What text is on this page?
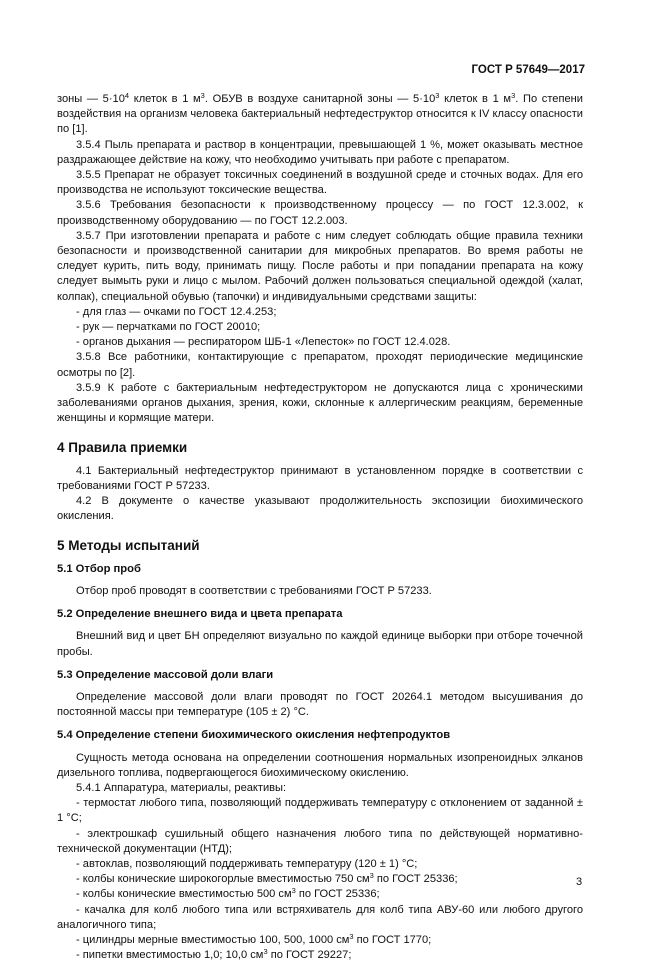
ГОСТ Р 57649—2017

зоны — $5\cdot 10^4$ клеток в 1 $м^3$. ОБУВ в воздухе санитарной зоны — $5\cdot 10^3$ клеток в 1 $м^3$. По степени воздействия на организм человека бактериальный нефтедеструктор относится к IV классу опасности по [1].

3.5.4 Пыль препарата и раствор в концентрации, превышающей 1 %, может оказывать местное раздражающее действие на кожу, что необходимо учитывать при работе с препаратом.

3.5.5 Препарат не образует токсичных соединений в воздушной среде и сточных водах. Для его производства не используют токсические вещества.

3.5.6 Требования безопасности к производственному процессу — по ГОСТ 12.3.002, к производственному оборудованию — по ГОСТ 12.2.003.

3.5.7 При изготовлении препарата и работе с ним следует соблюдать общие правила техники безопасности и производственной санитарии для микробных препаратов. Во время работы не следует курить, пить воду, принимать пищу. После работы и при попадании препарата на кожу следует вымыть руки и лицо с мылом. Рабочий должен пользоваться специальной одеждой (халат, колпак), специальной обувью (тапочки) и индивидуальными средствами защиты:

- для глаз — очками по ГОСТ 12.4.253;

- рук — перчатками по ГОСТ 20010;

- органов дыхания — респиратором ШБ-1 «Лепесток» по ГОСТ 12.4.028.

3.5.8 Все работники, контактирующие с препаратом, проходят периодические медицинские осмотры по [2].

3.5.9 К работе с бактериальным нефтедеструктором не допускаются лица с хроническими заболеваниями органов дыхания, зрения, кожи, склонные к аллергическим реакциям, беременные женщины и кормящие матери.

4 Правила приемки

4.1 Бактериальный нефтедеструктор принимают в установленном порядке в соответствии с требованиями ГОСТ Р 57233.

4.2 В документе о качестве указывают продолжительность экспозиции биохимического окисления.

5 Методы испытаний
5.1 Отбор проб

Отбор проб проводят в соответствии с требованиями ГОСТ Р 57233.

5.2 Определение внешнего вида и цвета препарата

Внешний вид и цвет БН определяют визуально по каждой единице выборки при отборе точечной пробы.

5.3 Определение массовой доли влаги

Определение массовой доли влаги проводят по ГОСТ 20264.1 методом высушивания до постоянной массы при температуре (105 ± 2) °С.

5.4 Определение степени биохимического окисления нефтепродуктов

Сущность метода основана на определении соотношения нормальных изопреноидных элканов дизельного топлива, подвергающегося биохимическому окислению.

5.4.1 Аппаратура, материалы, реактивы:

- термостат любого типа, позволяющий поддерживать температуру с отклонением от заданной ± 1 °С;

- электрошкаф сушильный общего назначения любого типа по действующей нормативно-технической документации (НТД);

- автоклав, позволяющий поддерживать температуру (120 ± 1) °С;

- колбы конические широкогорлые вместимостью 750 $см^3$ по ГОСТ 25336;

- колбы конические вместимостью 500 $см^3$ по ГОСТ 25336;

- качалка для колб любого типа или встряхиватель для колб типа АВУ-60 или любого другого аналогичного типа;

- цилиндры мерные вместимостью 100, 500, 1000 $см^3$ по ГОСТ 1770;

- пипетки вместимостью 1,0; 10,0 $см^3$ по ГОСТ 29227;

3
